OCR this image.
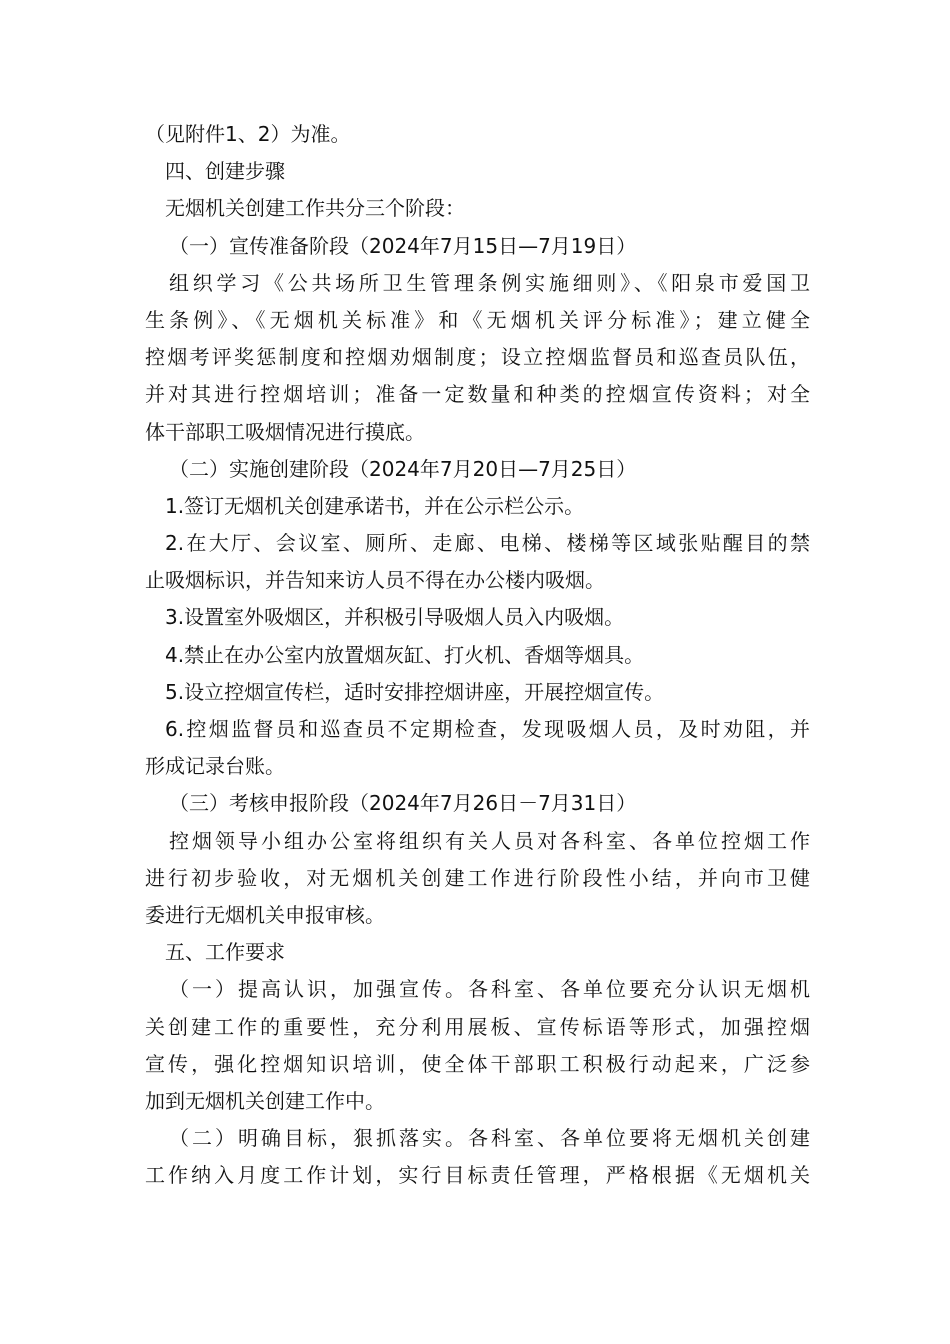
（见附件1、2）为准。
四、创建步骤
无烟机关创建工作共分三个阶段：
（一）宣传准备阶段（2024年7月15日—7月19日）
组织学习《公共场所卫生管理条例实施细则》、《阳泉市爱国卫
生条例》、《无烟机关标准》和《无烟机关评分标准》；建立健全
控烟考评奖惩制度和控烟劝烟制度；设立控烟监督员和巡查员队伍，
并对其进行控烟培训；准备一定数量和种类的控烟宣传资料；对全
体干部职工吸烟情况进行摸底。
（二）实施创建阶段（2024年7月20日—7月25日）
1.签订无烟机关创建承诺书，并在公示栏公示。
2.在大厅、会议室、厕所、走廊、电梯、楼梯等区域张贴醒目的禁
止吸烟标识，并告知来访人员不得在办公楼内吸烟。
3.设置室外吸烟区，并积极引导吸烟人员入内吸烟。
4.禁止在办公室内放置烟灰缸、打火机、香烟等烟具。
5.设立控烟宣传栏，适时安排控烟讲座，开展控烟宣传。
6.控烟监督员和巡查员不定期检查，发现吸烟人员，及时劝阻，并
形成记录台账。
（三）考核申报阶段（2024年7月26日－7月31日）
控烟领导小组办公室将组织有关人员对各科室、各单位控烟工作
进行初步验收，对无烟机关创建工作进行阶段性小结，并向市卫健
委进行无烟机关申报审核。
五、工作要求
（一）提高认识，加强宣传。各科室、各单位要充分认识无烟机
关创建工作的重要性，充分利用展板、宣传标语等形式，加强控烟
宣传，强化控烟知识培训，使全体干部职工积极行动起来，广泛参
加到无烟机关创建工作中。
（二）明确目标，狠抓落实。各科室、各单位要将无烟机关创建
工作纳入月度工作计划，实行目标责任管理，严格根据《无烟机关
